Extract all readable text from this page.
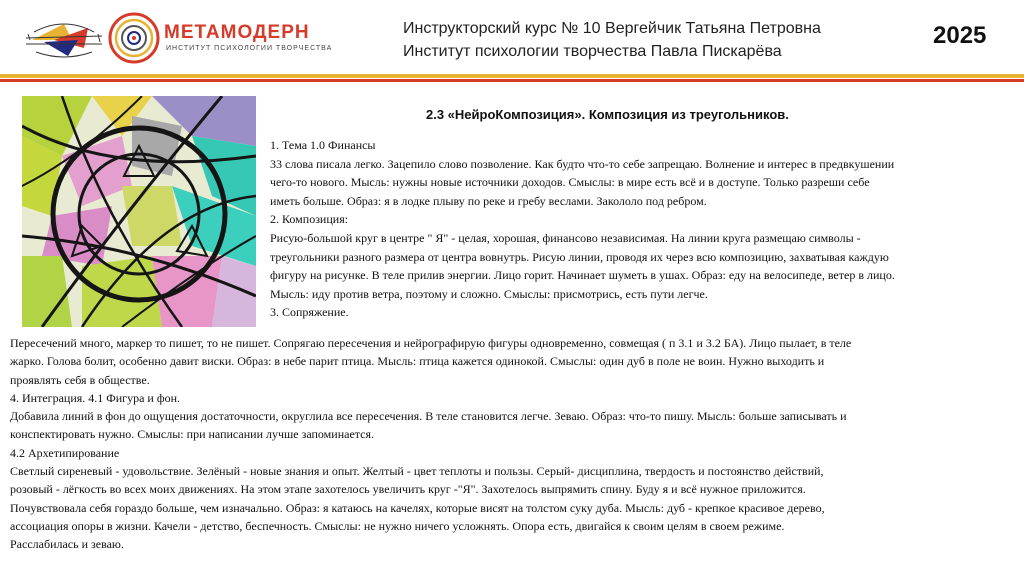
МЕТАМОДЕРН
ИНСТИТУТ ПСИХОЛОГИИ ТВОРЧЕСТВА
Инструкторский курс № 10 Вергейчик Татьяна Петровна
Институт психологии творчества Павла Пискарёва
2025
2.3 «НейроКомпозиция». Композиция из треугольников.
1. Тема 1.0 Финансы
33 слова писала легко. Зацепило слово позволение. Как будто что-то себе запрещаю. Волнение и интерес в предвкушении
чего-то нового. Мысль: нужны новые источники доходов. Смыслы: в мире есть всё и в доступе. Только разреши себе
иметь больше. Образ: я в лодке плыву по реке и гребу веслами. Закололо под ребром.
2. Композиция:
Рисую-большой круг в центре " Я" - целая, хорошая, финансово независимая. На линии круга размещаю символы -
треугольники разного размера от центра вовнутрь. Рисую линии, проводя их через всю композицию, захватывая каждую
фигуру на рисунке. В теле прилив энергии. Лицо горит. Начинает шуметь в ушах. Образ: еду на велосипеде, ветер в лицо.
Мысль: иду против ветра, поэтому и сложно. Смыслы: присмотрись, есть пути легче.
3. Сопряжение.
Пересечений много, маркер то пишет, то не пишет. Сопрягаю пересечения и нейрографирую фигуры одновременно, совмещая ( п 3.1 и 3.2 БА). Лицо пылает, в теле
жарко. Голова болит, особенно давит виски. Образ: в небе парит птица. Мысль: птица кажется одинокой. Смыслы: один дуб в поле не воин. Нужно выходить и
проявлять себя в обществе.
4. Интеграция. 4.1 Фигура и фон.
Добавила линий в фон до ощущения достаточности, округлила все пересечения. В теле становится легче. Зеваю. Образ: что-то пишу. Мысль: больше записывать и
конспектировать нужно. Смыслы: при написании лучше запоминается.
4.2 Архетипирование
Светлый сиреневый - удовольствие. Зелёный - новые знания и опыт. Желтый - цвет теплоты и пользы. Серый- дисциплина, твердость и постоянство действий,
розовый - лёгкость во всех моих движениях. На этом этапе захотелось увеличить круг -"Я". Захотелось выпрямить спину. Буду я и всё нужное приложится.
Почувствовала себя гораздо больше, чем изначально. Образ: я катаюсь на качелях, которые висят на толстом суку дуба. Мысль: дуб - крепкое красивое дерево,
ассоциация опоры в жизни. Качели - детство, беспечность. Смыслы: не нужно ничего усложнять. Опора есть, двигайся к своим целям в своем режиме.
Расслабилась и зеваю.
